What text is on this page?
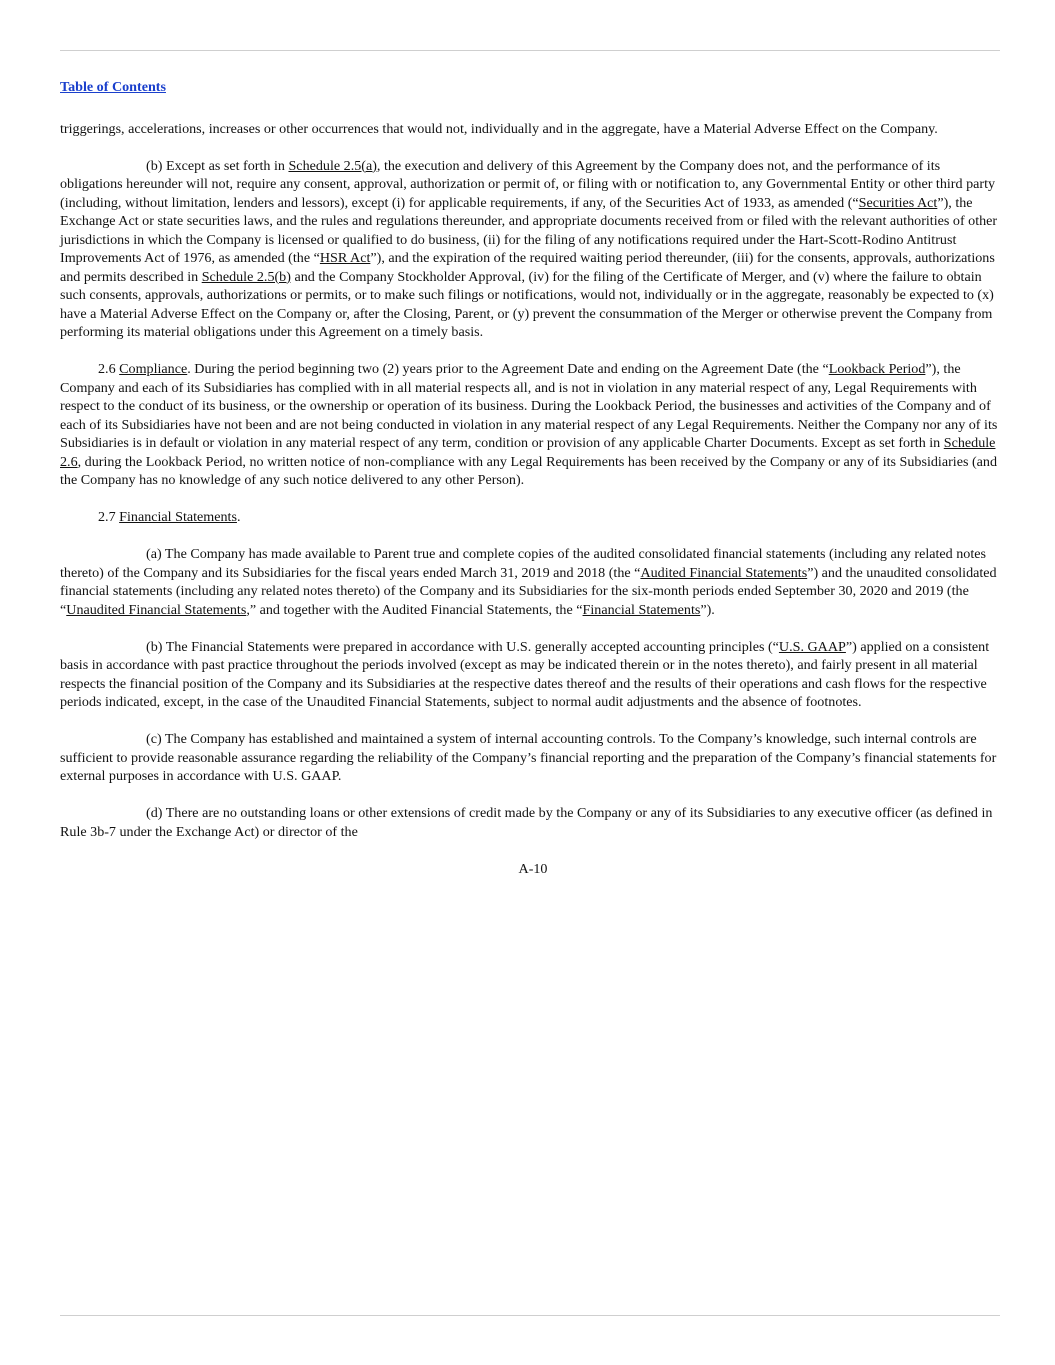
Table of Contents

triggerings, accelerations, increases or other occurrences that would not, individually and in the aggregate, have a Material Adverse Effect on the Company.

(b) Except as set forth in Schedule 2.5(a), the execution and delivery of this Agreement by the Company does not, and the performance of its obligations hereunder will not, require any consent, approval, authorization or permit of, or filing with or notification to, any Governmental Entity or other third party (including, without limitation, lenders and lessors), except (i) for applicable requirements, if any, of the Securities Act of 1933, as amended (“Securities Act”), the Exchange Act or state securities laws, and the rules and regulations thereunder, and appropriate documents received from or filed with the relevant authorities of other jurisdictions in which the Company is licensed or qualified to do business, (ii) for the filing of any notifications required under the Hart-Scott-Rodino Antitrust Improvements Act of 1976, as amended (the “HSR Act”), and the expiration of the required waiting period thereunder, (iii) for the consents, approvals, authorizations and permits described in Schedule 2.5(b) and the Company Stockholder Approval, (iv) for the filing of the Certificate of Merger, and (v) where the failure to obtain such consents, approvals, authorizations or permits, or to make such filings or notifications, would not, individually or in the aggregate, reasonably be expected to (x) have a Material Adverse Effect on the Company or, after the Closing, Parent, or (y) prevent the consummation of the Merger or otherwise prevent the Company from performing its material obligations under this Agreement on a timely basis.

2.6 Compliance. During the period beginning two (2) years prior to the Agreement Date and ending on the Agreement Date (the “Lookback Period”), the Company and each of its Subsidiaries has complied with in all material respects all, and is not in violation in any material respect of any, Legal Requirements with respect to the conduct of its business, or the ownership or operation of its business. During the Lookback Period, the businesses and activities of the Company and of each of its Subsidiaries have not been and are not being conducted in violation in any material respect of any Legal Requirements. Neither the Company nor any of its Subsidiaries is in default or violation in any material respect of any term, condition or provision of any applicable Charter Documents. Except as set forth in Schedule 2.6, during the Lookback Period, no written notice of non-compliance with any Legal Requirements has been received by the Company or any of its Subsidiaries (and the Company has no knowledge of any such notice delivered to any other Person).

2.7 Financial Statements.

(a) The Company has made available to Parent true and complete copies of the audited consolidated financial statements (including any related notes thereto) of the Company and its Subsidiaries for the fiscal years ended March 31, 2019 and 2018 (the “Audited Financial Statements”) and the unaudited consolidated financial statements (including any related notes thereto) of the Company and its Subsidiaries for the six-month periods ended September 30, 2020 and 2019 (the “Unaudited Financial Statements,” and together with the Audited Financial Statements, the “Financial Statements”).

(b) The Financial Statements were prepared in accordance with U.S. generally accepted accounting principles (“U.S. GAAP”) applied on a consistent basis in accordance with past practice throughout the periods involved (except as may be indicated therein or in the notes thereto), and fairly present in all material respects the financial position of the Company and its Subsidiaries at the respective dates thereof and the results of their operations and cash flows for the respective periods indicated, except, in the case of the Unaudited Financial Statements, subject to normal audit adjustments and the absence of footnotes.

(c) The Company has established and maintained a system of internal accounting controls. To the Company’s knowledge, such internal controls are sufficient to provide reasonable assurance regarding the reliability of the Company’s financial reporting and the preparation of the Company’s financial statements for external purposes in accordance with U.S. GAAP.

(d) There are no outstanding loans or other extensions of credit made by the Company or any of its Subsidiaries to any executive officer (as defined in Rule 3b-7 under the Exchange Act) or director of the

A-10
